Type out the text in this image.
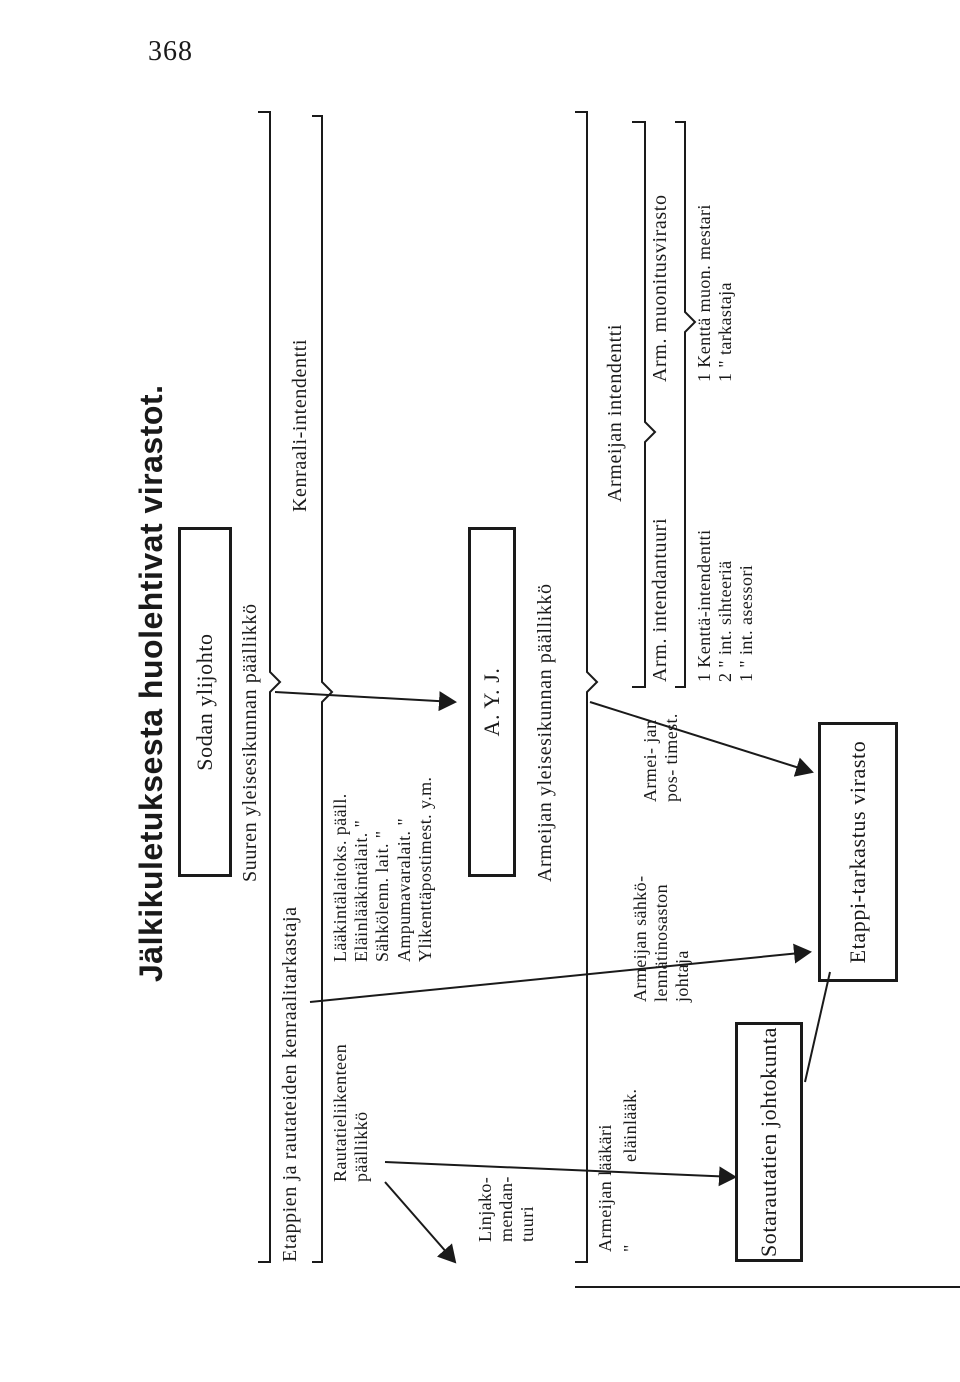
368
Jälkikuletuksesta huolehtivat virastot. Sodan ylijohto Suuren yleisesikunnan päällikkö
Etappien ja rautateiden kenraalitarkastaja
Kenraali-intendentti
Rautatieliikenteen päällikkö
Lääkintälaitoks. pääll.
Eläinlääkintälait. "
Sähkölenn. lait. " Ampumavaralait. " Ylikenttäpostimest. y.m.
Linjako- mendan- tuuri
A. Y. J. Armeijan yleisesikunnan päällikkö
Armeijan intendentti
Armeijan lääkäri eläinlääk.
"
Armeijan sähkö- lennätinosaston johtaja
Armei- jan pos- timest.
Arm. intendantuuri
Arm. muonitusvirasto
1 Kenttä-intendentti
2 " int. sihteeriä
1 " int. asessori
1 Kenttä muon. mestari
1 " tarkastaja
Etappi-tarkastus virasto
Sotarautatien johtokunta
